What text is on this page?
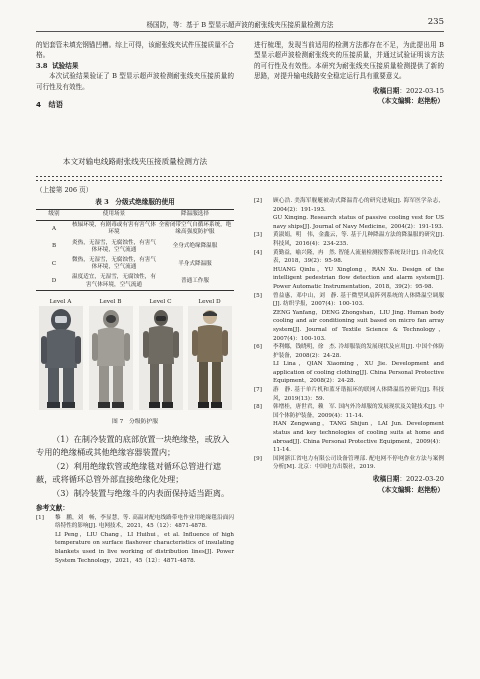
杨国防，等：基于 B 型显示超声波的耐张线夹压接质量检测方法	235

的铝套管未填充钢锚凹槽。综上可得，该耐张线夹试件压接质量不合格。

3.8 试验结果

本次试验结果验证了 B 型显示超声波检测耐张线夹压接质量的可行性及有效性。

4 结语
本文对输电线路耐张线夹压接质量检测方法

进行梳理，发现当前适用的检测方法都存在不足，为此提出用 B 型显示超声波检测耐张线夹的压接质量，并通过试验证明该方法的可行性及有效性。本研究为耐张线夹压接质量检测提供了新的思路，对提升输电线路安全稳定运行具有重要意义。

收稿日期：2022-03-15
（本文编辑：赵艳粉）
（上接第 206 页）
表 3　分级式绝缘服的使用
级别	使用场景	降温服选择
A	核辐环境，有剧毒或有害有害气体环境	全密闭带空气自循环系统，绝缘高强度防护服
B	炎热，无湿雪，无腐蚀性，有害气体环境，空气流通	全身式绝缘降温服
C	微热，无湿雪，无腐蚀性，有害气体环境，空气流通	半身式降温服
D	温度适宜，无湿雪，无腐蚀性，有害气体环境，空气流通	普通工作服
Level A	Level B	Level C	Level D
图 7　分级防护服

（1）在制冷装置的底部放置一块绝缘垫，或放入专用的绝缘桶或其他绝缘容器装置内；

（2）利用绝缘软管或绝缘毯对循环总管进行遮蔽，或将循环总管外部直接绝缘化处理；

（3）制冷装置与绝缘斗的内表面保持适当距离。

参考文献：
[1]	黎　鹏，刘　畅，李显慧，等. 高温对配电线路带电作业用绝缘毯沿面闪络特性的影响[J]. 电网技术，2021，45（12）：4871-4878.
LI Peng，LIU Chang，LI Huihui，et al. Influence of high temperature on surface flashover characteristics of insulating blankets used in live working of distribution lines[J]. Power System Technology，2021，45（12）：4871-4878.
[2]	顾心浩. 美海军舰艇被动式降温背心的研究进展[J]. 海军医学杂志，2004(2)：191-193.
GU Xinqing. Research status of passive cooling vest for US navy ships[J]. Journal of Navy Medicine，2004(2)：191-193.
[3]	黄淑娟，明　伟，金鑫云，等. 基于几种降温方法的降温服的研究[J]. 科技风，2016(4)：234-235.
[4]	黄勤益，喻兴隆，冉　然. 智能人流量检测报警系统设计[J]. 自动化仪表，2018，39(2)：95-98.
HUANG Qinlu，YU Xinglong，RAN Xu. Design of the intelligent pedestrian flow detection and alarm system[J]. Power Automatic Instrumentation，2018，39(2)：95-98.
[5]	曾益惠，邓中山，刘　静. 基于微型风扇阵列系统的人体降温空调服[J]. 纺织学报，2007(4)：100-103.
ZENG Yanfang，DENG Zhongshan，LIU Jing. Human body cooling and air conditioning suit based on micro fan array system[J]. Journal of Textile Science & Technology，2007(4)：100-103.
[6]	李利娜，钱晓明，徐　杰. 冷却服装的发展现状及应用[J]. 中国个体防护装备，2008(2)：24-28.
LI Lina，QIAN Xiaoming，XU Jie. Development and application of cooling clothing[J]. China Personal Protective Equipment，2008(2)：24-28.
[7]	游　静. 基于单片机和蓝牙谐振环的联网人体降温监控研究[J]. 科技风，2019(13)：59.
[8]	韩增桂，唐世君，赖　军. 国内外冷却服的发展现状及关键技术[J]. 中国个体防护装备，2009(4)：11-14.
HAN Zengwang，TANG Shijun，LAI Jun. Development status and key technologies of cooling suits at home and abroad[J]. China Personal Protective Equipment，2009(4)：11-14.
[9]	国网浙江省电力有限公司设备管理部. 配电网不停电作业方法与案例分析[M]. 北京：中国电力出版社，2019.
收稿日期：2022-03-20
（本文编辑：赵艳粉）
